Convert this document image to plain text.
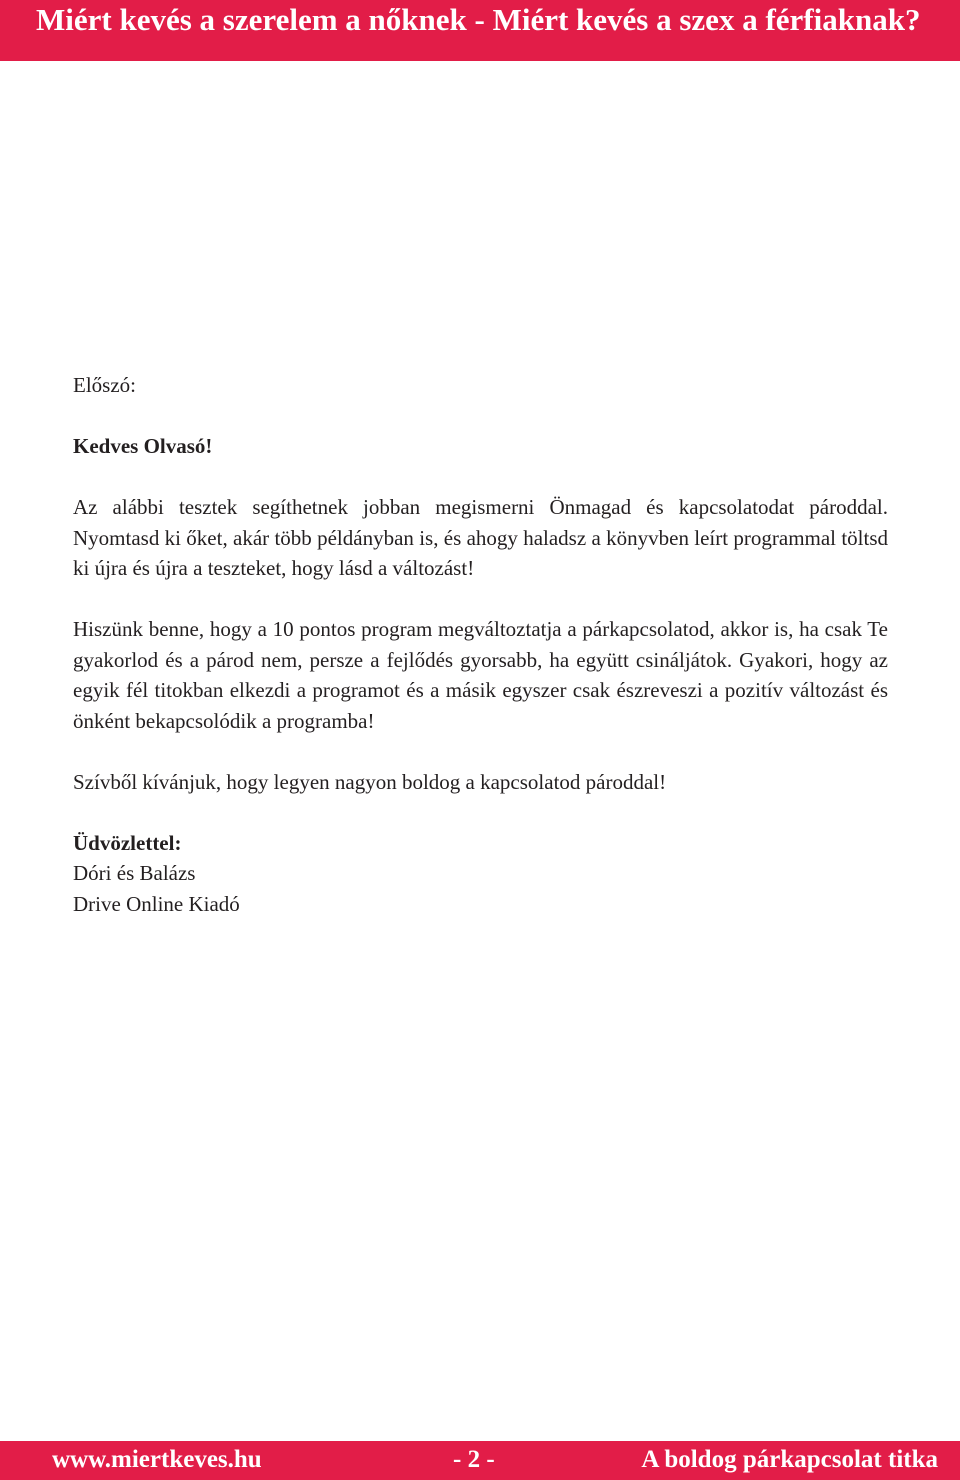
Miért kevés a szerelem a nőknek - Miért kevés a szex a férfiaknak?

Előszó:

Kedves Olvasó!

Az alábbi tesztek segíthetnek jobban megismerni Önmagad és kapcsolatodat pároddal. Nyomtasd ki őket, akár több példányban is, és ahogy haladsz a könyvben leírt programmal töltsd ki újra és újra a teszteket, hogy lásd a változást!

Hiszünk benne, hogy a 10 pontos program megváltoztatja a párkapcsolatod, akkor is, ha csak Te gyakorlod és a párod nem, persze a fejlődés gyorsabb, ha együtt csináljátok. Gyakori, hogy az egyik fél titokban elkezdi a programot és a másik egyszer csak észreveszi a pozitív változást és önként bekapcsolódik a programba!

Szívből kívánjuk, hogy legyen nagyon boldog a kapcsolatod pároddal!

Üdvözlettel:

Dóri és Balázs

Drive Online Kiadó

www.miertkeves.hu	- 2 -	A boldog párkapcsolat titka
